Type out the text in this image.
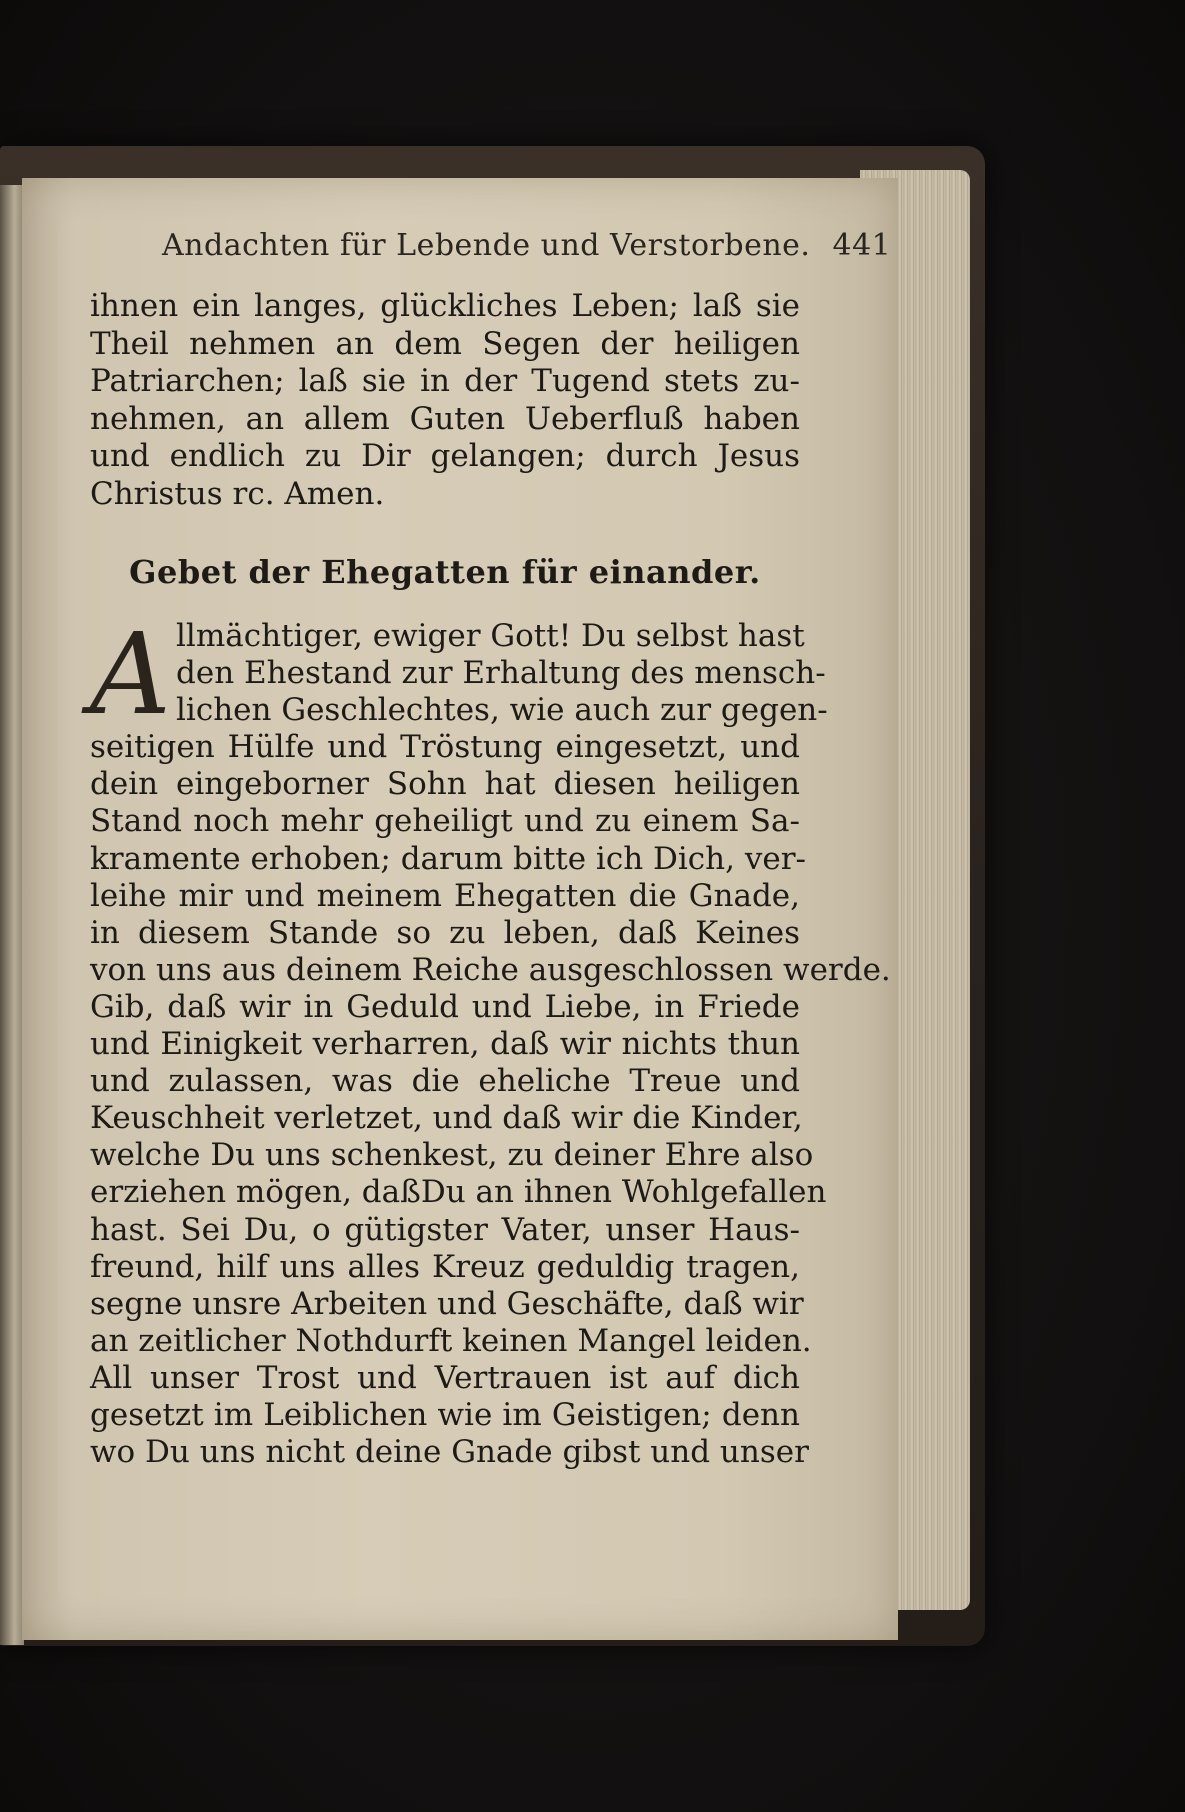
Andachten für Lebende und Verstorbene. 441
ihnen ein langes, glückliches Leben; laß sie
Theil nehmen an dem Segen der heiligen
Patriarchen; laß sie in der Tugend stets zu-
nehmen, an allem Guten Ueberfluß haben
und endlich zu Dir gelangen; durch Jesus
Christus rc. Amen.
Gebet der Ehegatten für einander.
A llmächtiger, ewiger Gott! Du selbst hast
den Ehestand zur Erhaltung des mensch-
lichen Geschlechtes, wie auch zur gegen-
seitigen Hülfe und Tröstung eingesetzt, und
dein eingeborner Sohn hat diesen heiligen
Stand noch mehr geheiligt und zu einem Sa-
kramente erhoben; darum bitte ich Dich, ver-
leihe mir und meinem Ehegatten die Gnade,
in diesem Stande so zu leben, daß Keines
von uns aus deinem Reiche ausgeschlossen werde.
Gib, daß wir in Geduld und Liebe, in Friede
und Einigkeit verharren, daß wir nichts thun
und zulassen, was die eheliche Treue und
Keuschheit verletzet, und daß wir die Kinder,
welche Du uns schenkest, zu deiner Ehre also
erziehen mögen, daßDu an ihnen Wohlgefallen
hast. Sei Du, o gütigster Vater, unser Haus-
freund, hilf uns alles Kreuz geduldig tragen,
segne unsre Arbeiten und Geschäfte, daß wir
an zeitlicher Nothdurft keinen Mangel leiden.
All unser Trost und Vertrauen ist auf dich
gesetzt im Leiblichen wie im Geistigen; denn
wo Du uns nicht deine Gnade gibst und unser
